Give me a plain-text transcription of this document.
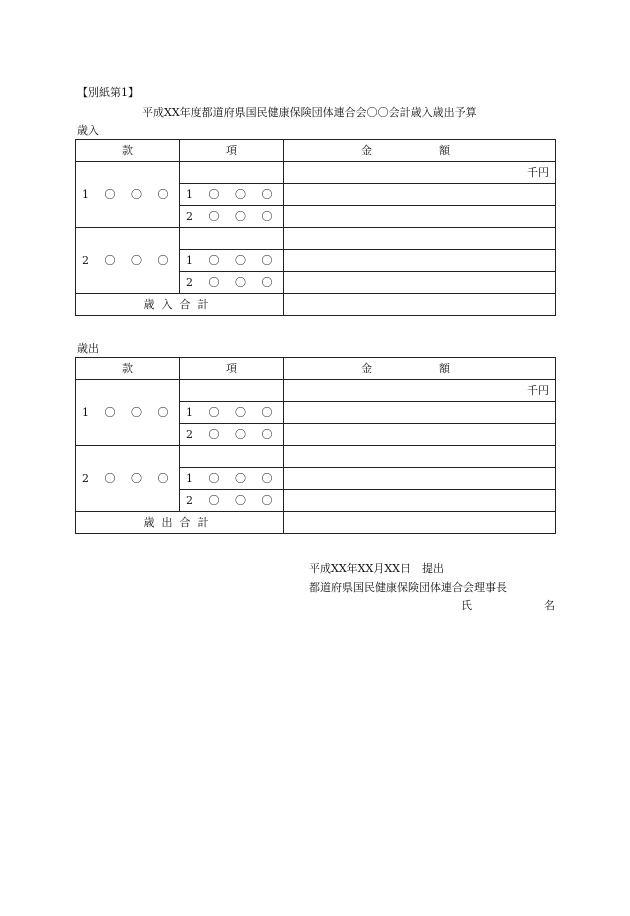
【別紙第1】
平成XX年度都道府県国民健康保険団体連合会〇〇会計歳入歳出予算
歳入
款	項	金　額
1 〇 〇 〇		千円
	1 〇 〇 〇	
	2 〇 〇 〇	
2 〇 〇 〇		
	1 〇 〇 〇	
	2 〇 〇 〇	
歳入合計		
歳出
款	項	金　額
1 〇 〇 〇		千円
	1 〇 〇 〇	
	2 〇 〇 〇	
2 〇 〇 〇		
	1 〇 〇 〇	
	2 〇 〇 〇	
歳出合計		
平成XX年XX月XX日　提出
都道府県国民健康保険団体連合会理事長
氏	名
